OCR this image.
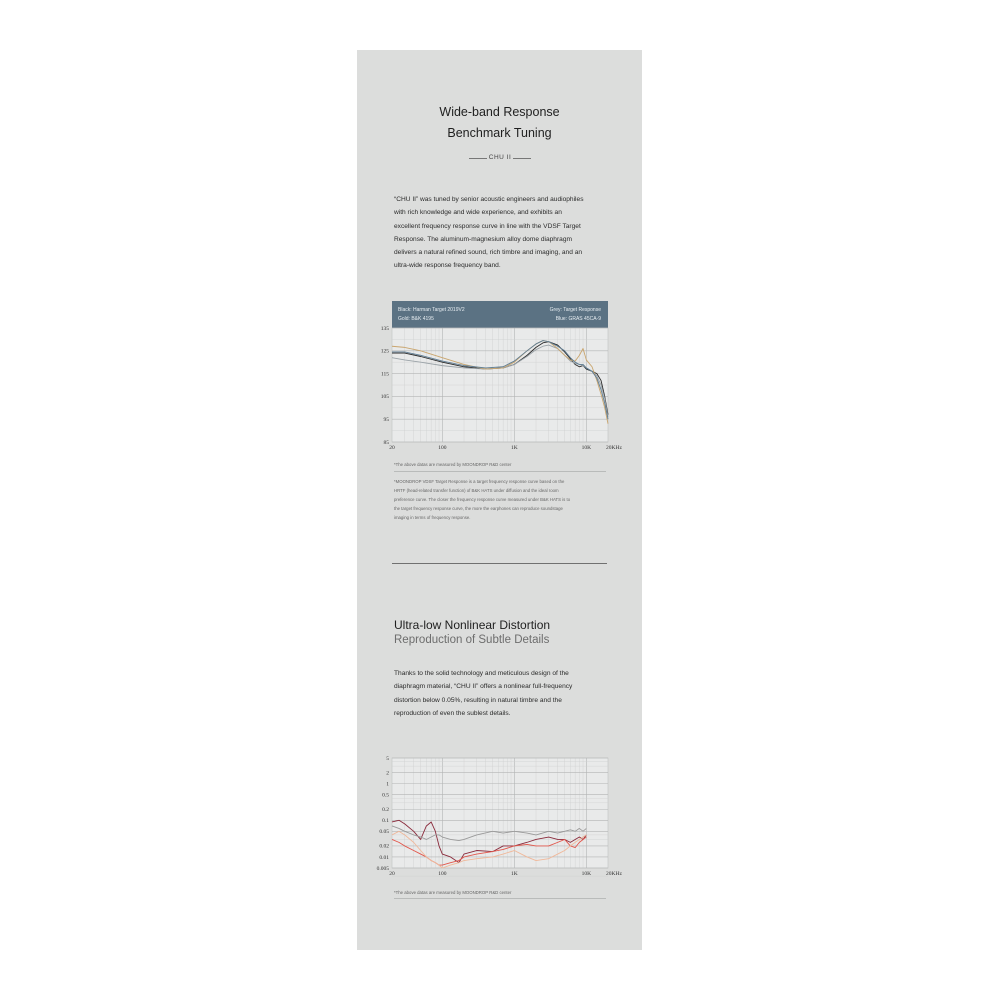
Wide-band Response
Benchmark Tuning
CHU II
“CHU II” was tuned by senior acoustic engineers and audiophiles
with rich knowledge and wide experience, and exhibits an
excellent frequency response curve in line with the VDSF Target
Response. The aluminum-magnesium alloy dome diaphragm
delivers a natural refined sound, rich timbre and imaging, and an
ultra-wide response frequency band.
Black: Harman Target 2019V2
Gold: B&K 4195
Grey: Target Response
Blue: GRAS 45CA-9
135
125
115
105
95
85
20	100	1K	10K	20KHz
*The above datas are measured by MOONDROP R&D center
*MOONDROP VDSF Target Response is a target frequency response curve based on the
HRTF (head-related transfer function) of B&K HATS under diffusion and the ideal room
preference curve. The closer the frequency response curve measured under B&K HATS is to
the target frequency response curve, the more the earphones can reproduce soundstage
imaging in terms of frequency response.
Ultra-low Nonlinear Distortion
Reproduction of Subtle Details
Thanks to the solid technology and meticulous design of the
diaphragm material, “CHU II” offers a nonlinear full-frequency
distortion below 0.05%, resulting in natural timbre and the
reproduction of even the sublest details.
5
2
1
0.5
0.2
0.1
0.05
0.02
0.01
0.005
20	100	1K	10K	20KHz
*The above datas are measured by MOONDROP R&D center
